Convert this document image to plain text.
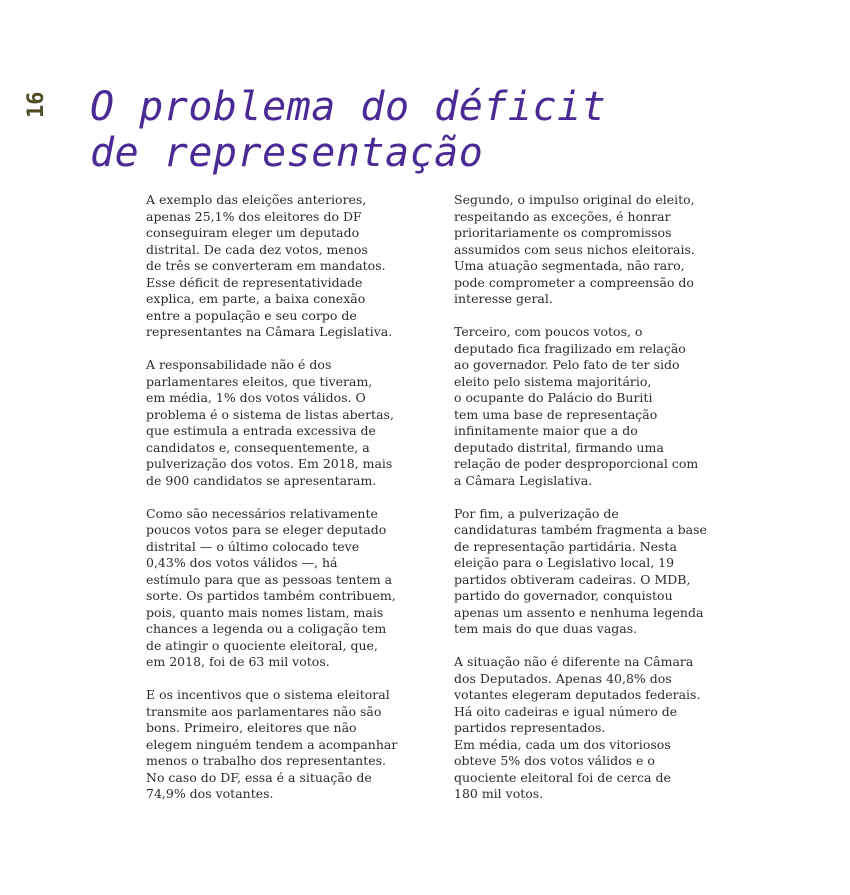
16 O problema do déficit
de representação

A exemplo das eleições anteriores,
apenas 25,1% dos eleitores do DF
conseguiram eleger um deputado
distrital. De cada dez votos, menos
de três se converteram em mandatos.
Esse déficit de representatividade
explica, em parte, a baixa conexão
entre a população e seu corpo de
representantes na Câmara Legislativa.

A responsabilidade não é dos
parlamentares eleitos, que tiveram,
em média, 1% dos votos válidos. O
problema é o sistema de listas abertas,
que estimula a entrada excessiva de
candidatos e, consequentemente, a
pulverização dos votos. Em 2018, mais
de 900 candidatos se apresentaram.

Como são necessários relativamente
poucos votos para se eleger deputado
distrital — o último colocado teve
0,43% dos votos válidos —, há
estímulo para que as pessoas tentem a
sorte. Os partidos também contribuem,
pois, quanto mais nomes listam, mais
chances a legenda ou a coligação tem
de atingir o quociente eleitoral, que,
em 2018, foi de 63 mil votos.

E os incentivos que o sistema eleitoral
transmite aos parlamentares não são
bons. Primeiro, eleitores que não
elegem ninguém tendem a acompanhar
menos o trabalho dos representantes.
No caso do DF, essa é a situação de
74,9% dos votantes.

Segundo, o impulso original do eleito,
respeitando as exceções, é honrar
prioritariamente os compromissos
assumidos com seus nichos eleitorais.
Uma atuação segmentada, não raro,
pode comprometer a compreensão do
interesse geral.

Terceiro, com poucos votos, o
deputado fica fragilizado em relação
ao governador. Pelo fato de ter sido
eleito pelo sistema majoritário,
o ocupante do Palácio do Buriti
tem uma base de representação
infinitamente maior que a do
deputado distrital, firmando uma
relação de poder desproporcional com
a Câmara Legislativa.

Por fim, a pulverização de
candidaturas também fragmenta a base
de representação partidária. Nesta
eleição para o Legislativo local, 19
partidos obtiveram cadeiras. O MDB,
partido do governador, conquistou
apenas um assento e nenhuma legenda
tem mais do que duas vagas.

A situação não é diferente na Câmara
dos Deputados. Apenas 40,8% dos
votantes elegeram deputados federais.
Há oito cadeiras e igual número de
partidos representados.
Em média, cada um dos vitoriosos
obteve 5% dos votos válidos e o
quociente eleitoral foi de cerca de
180 mil votos.
